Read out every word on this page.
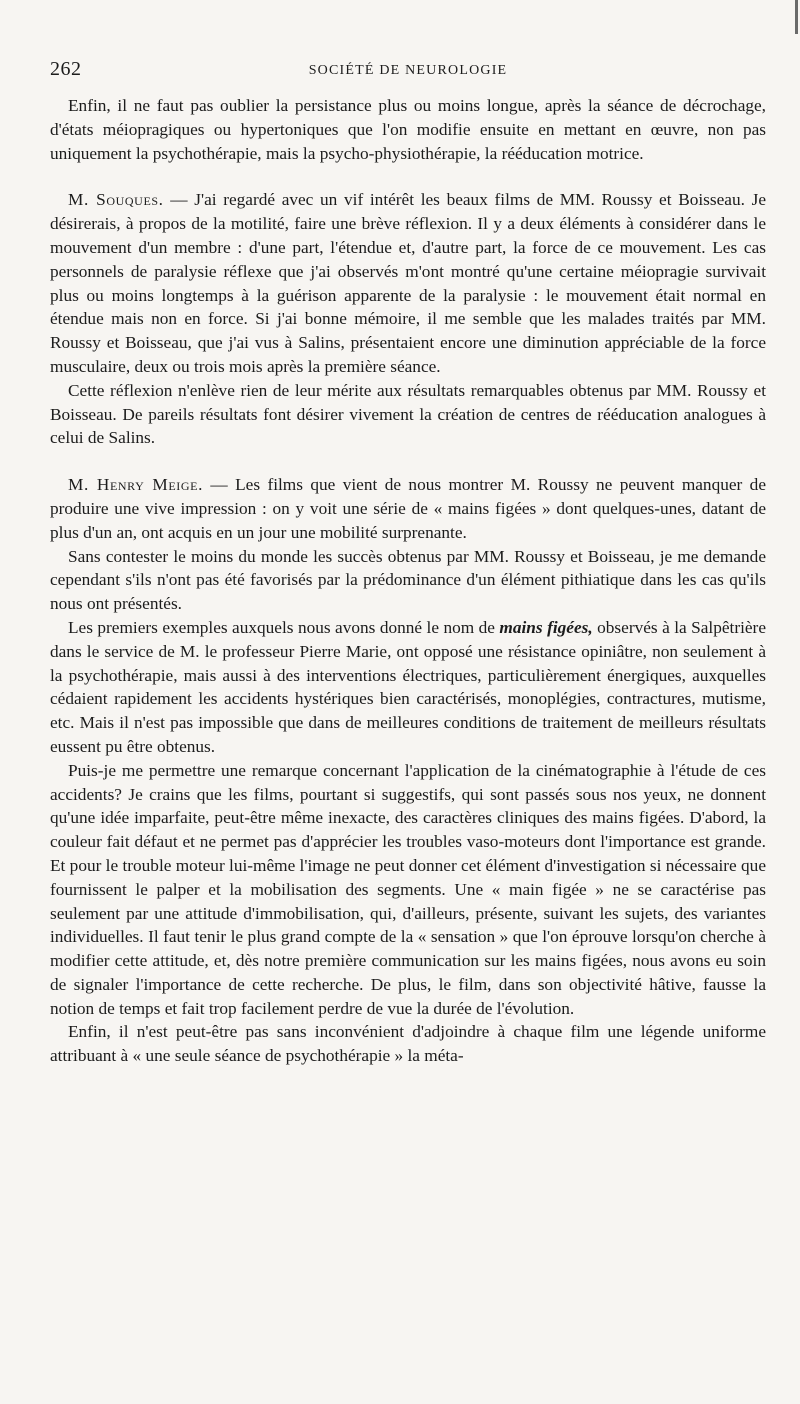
262	SOCIÉTÉ DE NEUROLOGIE

Enfin, il ne faut pas oublier la persistance plus ou moins longue, après la séance de décrochage, d'états méiopragiques ou hypertoniques que l'on modifie ensuite en mettant en œuvre, non pas uniquement la psychothérapie, mais la psycho-physiothérapie, la rééducation motrice.

M. Souques. — J'ai regardé avec un vif intérêt les beaux films de MM. Roussy et Boisseau. Je désirerais, à propos de la motilité, faire une brève réflexion. Il y a deux éléments à considérer dans le mouvement d'un membre : d'une part, l'étendue et, d'autre part, la force de ce mouvement. Les cas personnels de paralysie réflexe que j'ai observés m'ont montré qu'une certaine méiopragie survivait plus ou moins longtemps à la guérison apparente de la paralysie : le mouvement était normal en étendue mais non en force. Si j'ai bonne mémoire, il me semble que les malades traités par MM. Roussy et Boisseau, que j'ai vus à Salins, présentaient encore une diminution appréciable de la force musculaire, deux ou trois mois après la première séance.

Cette réflexion n'enlève rien de leur mérite aux résultats remarquables obtenus par MM. Roussy et Boisseau. De pareils résultats font désirer vivement la création de centres de rééducation analogues à celui de Salins.

M. Henry Meige. — Les films que vient de nous montrer M. Roussy ne peuvent manquer de produire une vive impression : on y voit une série de « mains figées » dont quelques-unes, datant de plus d'un an, ont acquis en un jour une mobilité surprenante.

Sans contester le moins du monde les succès obtenus par MM. Roussy et Boisseau, je me demande cependant s'ils n'ont pas été favorisés par la prédominance d'un élément pithiatique dans les cas qu'ils nous ont présentés.

Les premiers exemples auxquels nous avons donné le nom de mains figées, observés à la Salpêtrière dans le service de M. le professeur Pierre Marie, ont opposé une résistance opiniâtre, non seulement à la psychothérapie, mais aussi à des interventions électriques, particulièrement énergiques, auxquelles cédaient rapidement les accidents hystériques bien caractérisés, monoplégies, contractures, mutisme, etc. Mais il n'est pas impossible que dans de meilleures conditions de traitement de meilleurs résultats eussent pu être obtenus.

Puis-je me permettre une remarque concernant l'application de la cinématographie à l'étude de ces accidents? Je crains que les films, pourtant si suggestifs, qui sont passés sous nos yeux, ne donnent qu'une idée imparfaite, peut-être même inexacte, des caractères cliniques des mains figées. D'abord, la couleur fait défaut et ne permet pas d'apprécier les troubles vaso-moteurs dont l'importance est grande. Et pour le trouble moteur lui-même l'image ne peut donner cet élément d'investigation si nécessaire que fournissent le palper et la mobilisation des segments. Une « main figée » ne se caractérise pas seulement par une attitude d'immobilisation, qui, d'ailleurs, présente, suivant les sujets, des variantes individuelles. Il faut tenir le plus grand compte de la « sensation » que l'on éprouve lorsqu'on cherche à modifier cette attitude, et, dès notre première communication sur les mains figées, nous avons eu soin de signaler l'importance de cette recherche. De plus, le film, dans son objectivité hâtive, fausse la notion de temps et fait trop facilement perdre de vue la durée de l'évolution.

Enfin, il n'est peut-être pas sans inconvénient d'adjoindre à chaque film une légende uniforme attribuant à « une seule séance de psychothérapie » la méta-
